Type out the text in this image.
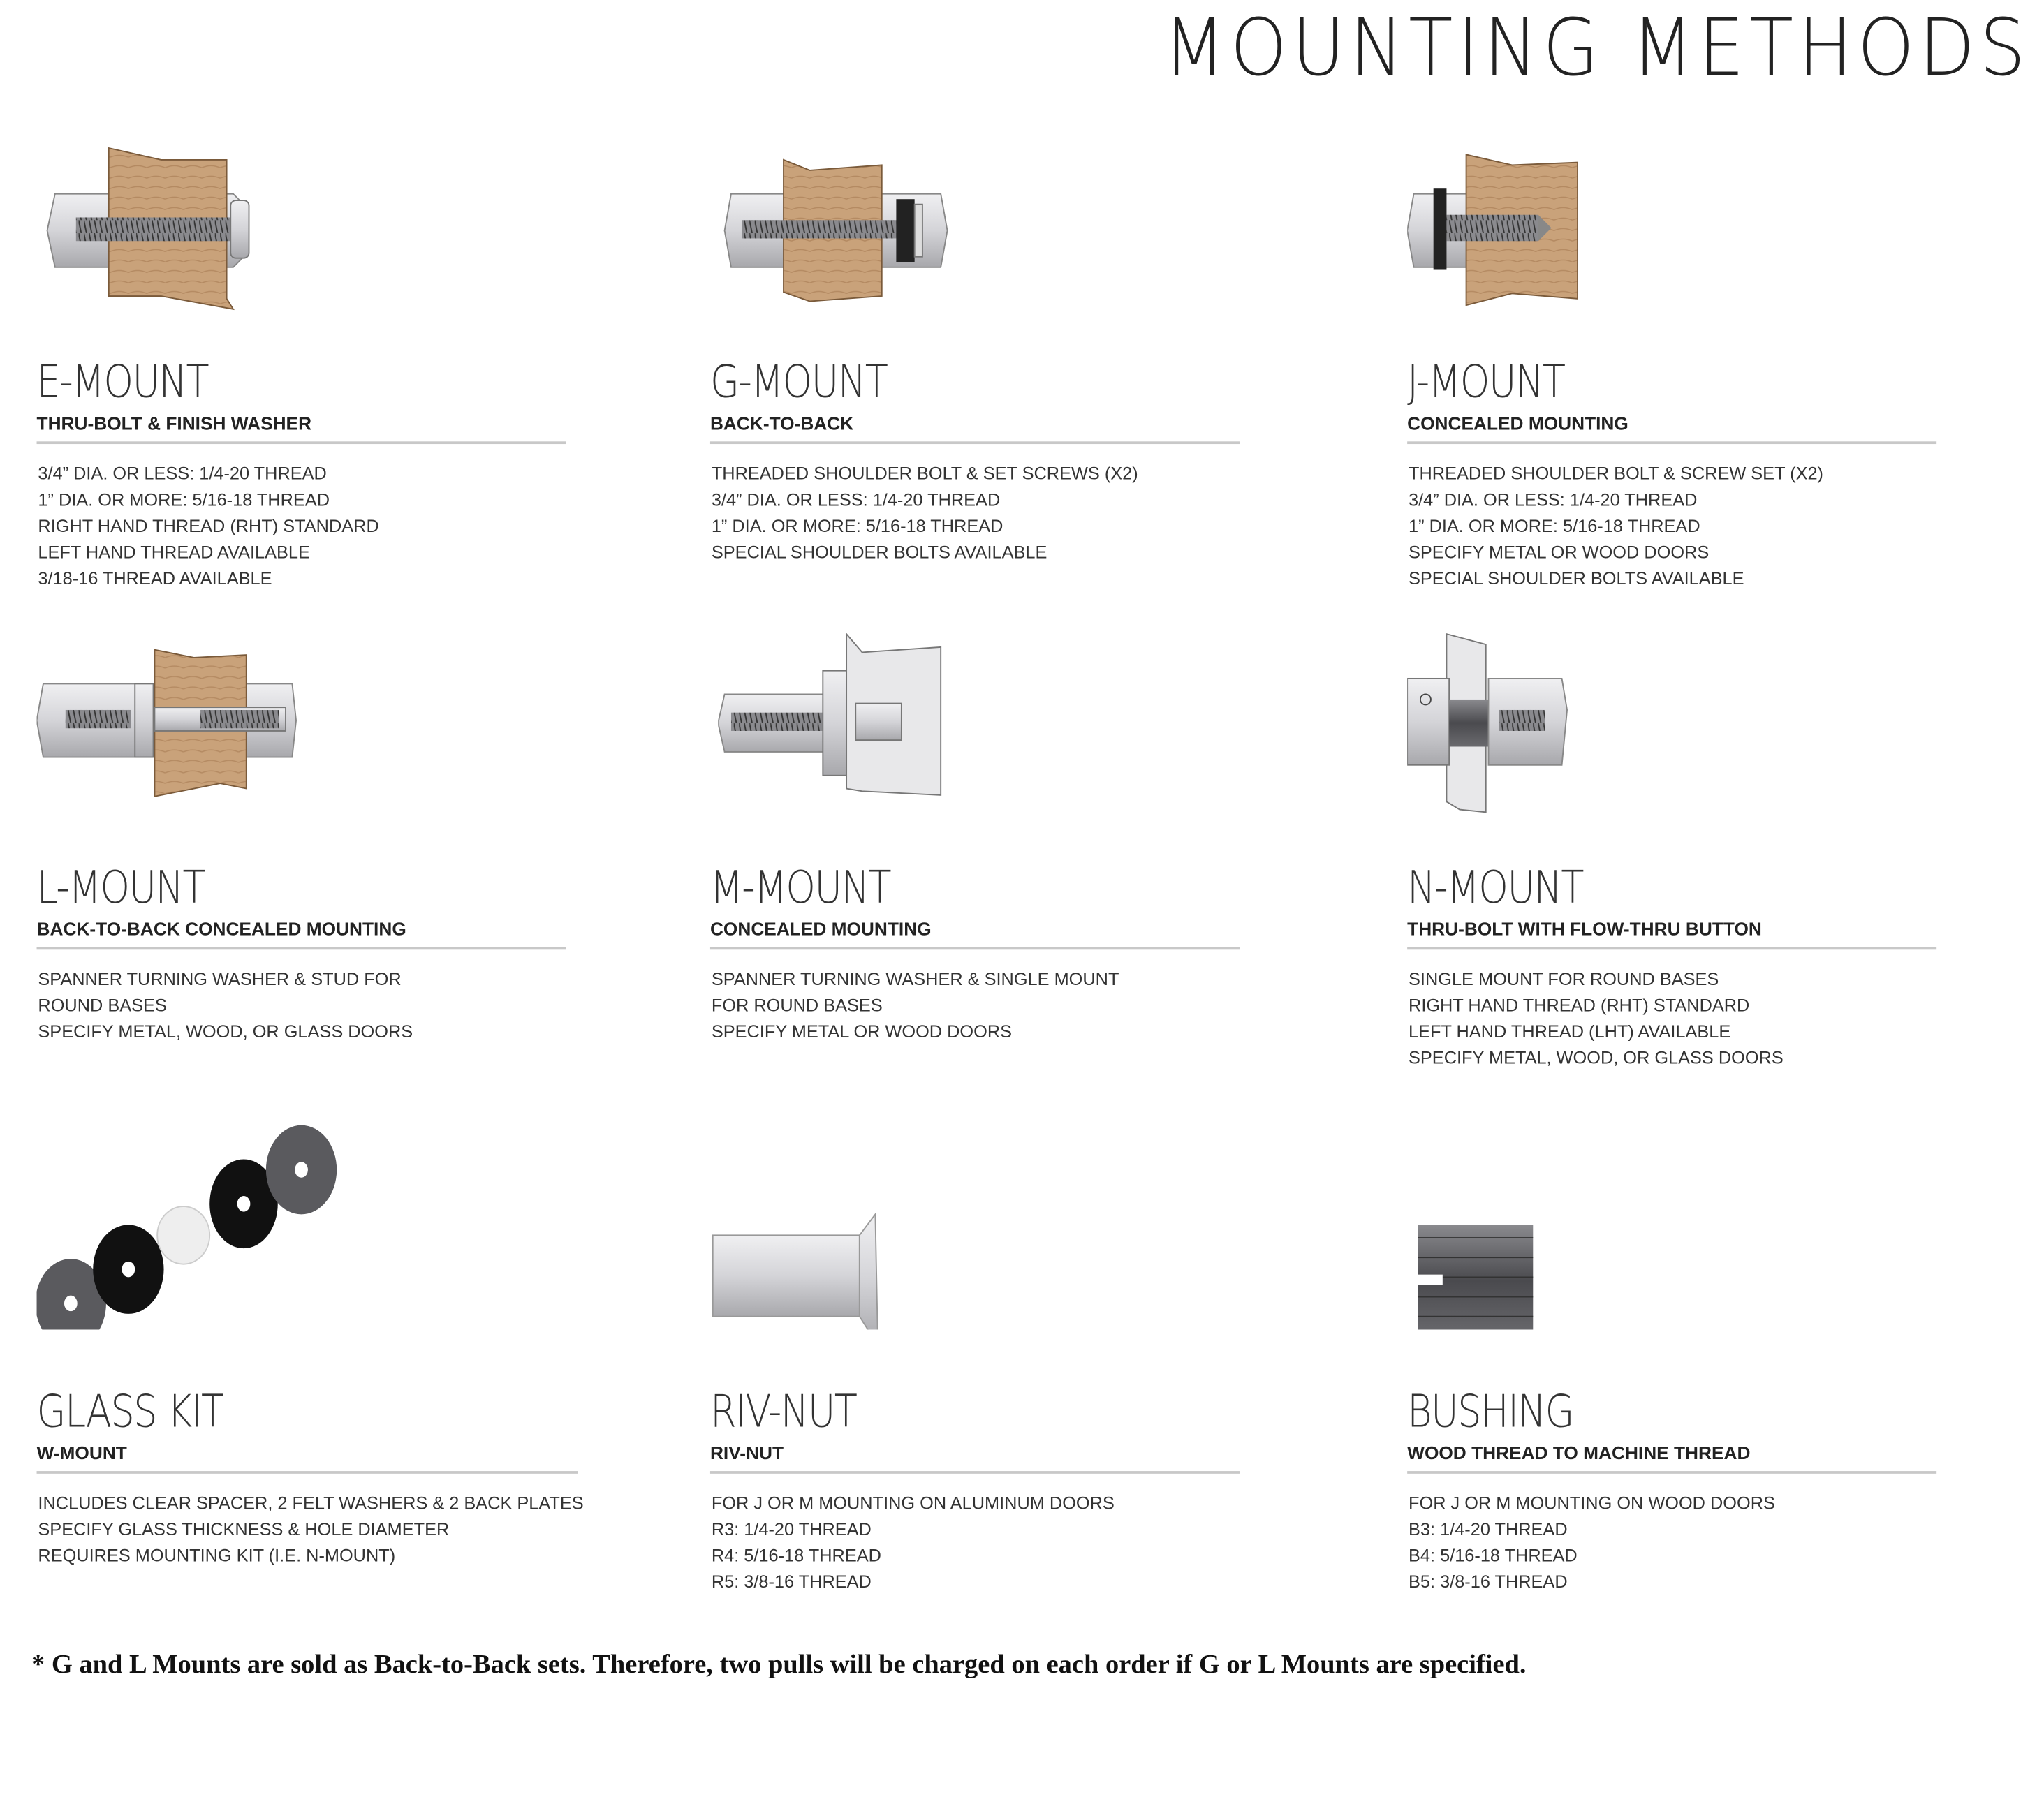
MOUNTING METHODS
E-MOUNT
THRU-BOLT & FINISH WASHER
3/4” DIA. OR LESS: 1/4-20 THREAD
1” DIA. OR MORE: 5/16-18 THREAD
RIGHT HAND THREAD (RHT) STANDARD
LEFT HAND THREAD AVAILABLE
3/18-16 THREAD AVAILABLE
G-MOUNT
BACK-TO-BACK
THREADED SHOULDER BOLT & SET SCREWS (X2)
3/4” DIA. OR LESS: 1/4-20 THREAD
1” DIA. OR MORE: 5/16-18 THREAD
SPECIAL SHOULDER BOLTS AVAILABLE
J-MOUNT
CONCEALED MOUNTING
THREADED SHOULDER BOLT & SCREW SET (X2)
3/4” DIA. OR LESS: 1/4-20 THREAD
1” DIA. OR MORE: 5/16-18 THREAD
SPECIFY METAL OR WOOD DOORS
SPECIAL SHOULDER BOLTS AVAILABLE
L-MOUNT
BACK-TO-BACK CONCEALED MOUNTING
SPANNER TURNING WASHER & STUD FOR
ROUND BASES
SPECIFY METAL, WOOD, OR GLASS DOORS
M-MOUNT
CONCEALED MOUNTING
SPANNER TURNING WASHER & SINGLE MOUNT
FOR ROUND BASES
SPECIFY METAL OR WOOD DOORS
N-MOUNT
THRU-BOLT WITH FLOW-THRU BUTTON
SINGLE MOUNT FOR ROUND BASES
RIGHT HAND THREAD (RHT) STANDARD
LEFT HAND THREAD (LHT) AVAILABLE
SPECIFY METAL, WOOD, OR GLASS DOORS
GLASS KIT
W-MOUNT
INCLUDES CLEAR SPACER, 2 FELT WASHERS & 2 BACK PLATES
SPECIFY GLASS THICKNESS & HOLE DIAMETER
REQUIRES MOUNTING KIT (I.E. N-MOUNT)
RIV-NUT
RIV-NUT
FOR J OR M MOUNTING ON ALUMINUM DOORS
R3: 1/4-20 THREAD
R4: 5/16-18 THREAD
R5: 3/8-16 THREAD
BUSHING
WOOD THREAD TO MACHINE THREAD
FOR J OR M MOUNTING ON WOOD DOORS
B3: 1/4-20 THREAD
B4: 5/16-18 THREAD
B5: 3/8-16 THREAD
* G and L Mounts are sold as Back-to-Back sets. Therefore, two pulls will be charged on each order if G or L Mounts are specified.
